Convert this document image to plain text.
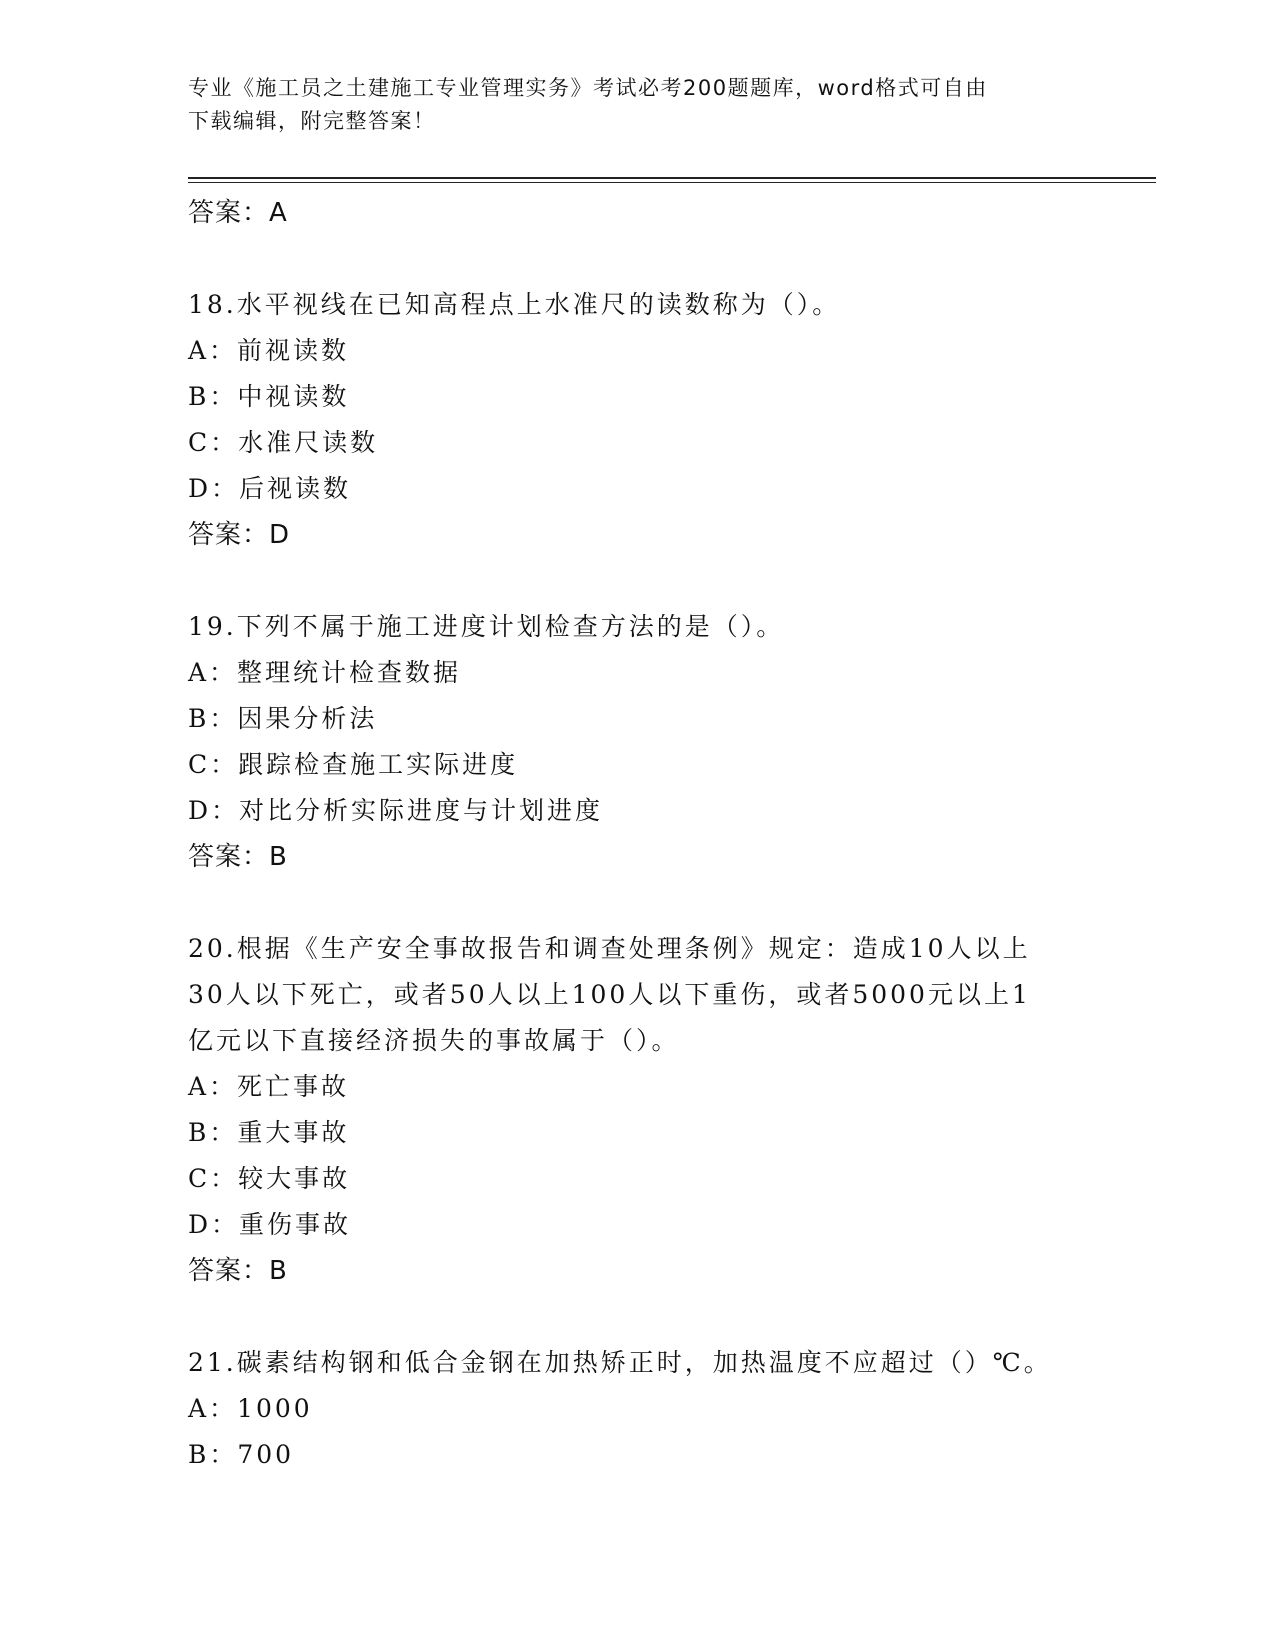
专业《施工员之土建施工专业管理实务》考试必考200题题库，word格式可自由
下载编辑，附完整答案！
答案：A
18.水平视线在已知高程点上水准尺的读数称为（）。
A：前视读数
B：中视读数
C：水准尺读数
D：后视读数
答案：D
19.下列不属于施工进度计划检查方法的是（）。
A：整理统计检查数据
B：因果分析法
C：跟踪检查施工实际进度
D：对比分析实际进度与计划进度
答案：B
20.根据《生产安全事故报告和调查处理条例》规定：造成10人以上
30人以下死亡，或者50人以上100人以下重伤，或者5000元以上1
亿元以下直接经济损失的事故属于（）。
A：死亡事故
B：重大事故
C：较大事故
D：重伤事故
答案：B
21.碳素结构钢和低合金钢在加热矫正时，加热温度不应超过（）℃。
A：1000
B：700
